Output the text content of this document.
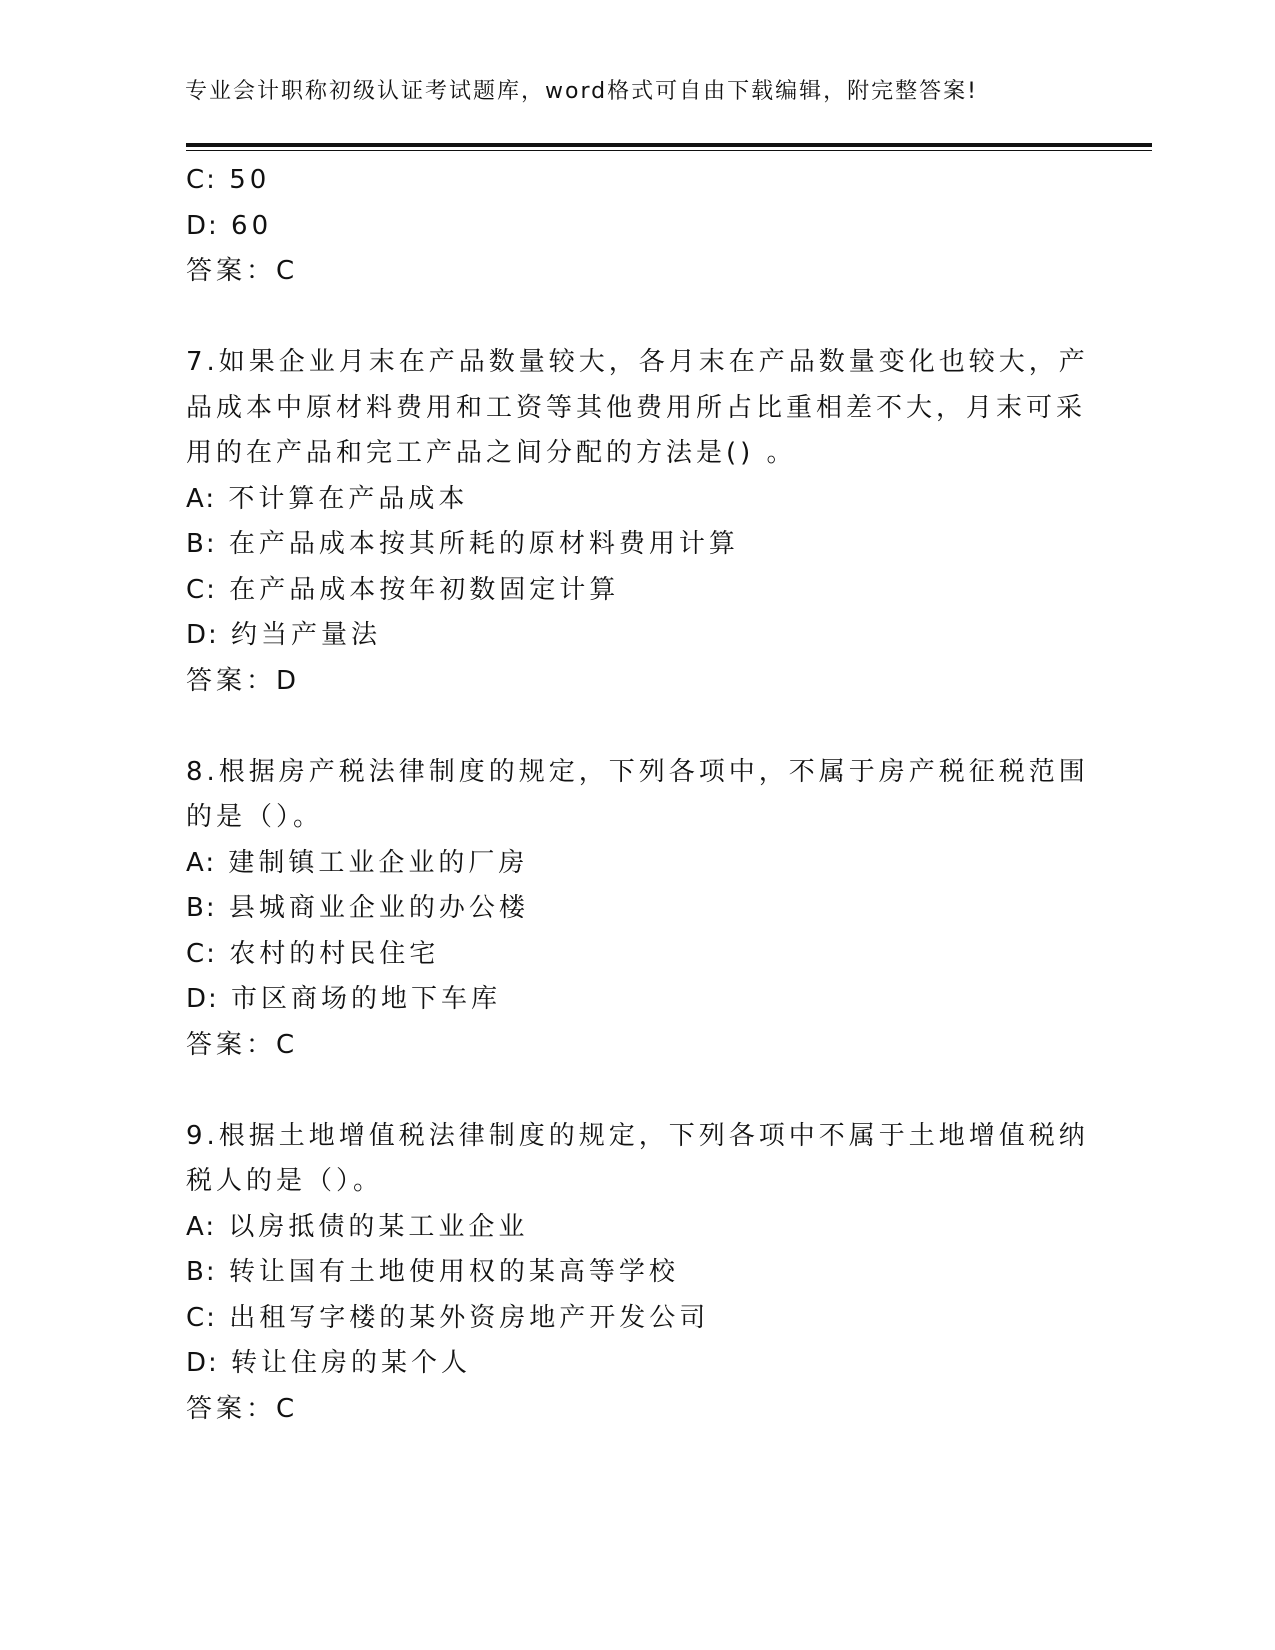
专业会计职称初级认证考试题库，word格式可自由下载编辑，附完整答案!
C: 50
D: 60
答案：C
7.如果企业月末在产品数量较大，各月末在产品数量变化也较大，产
品成本中原材料费用和工资等其他费用所占比重相差不大，月末可采
用的在产品和完工产品之间分配的方法是() 。
A: 不计算在产品成本
B: 在产品成本按其所耗的原材料费用计算
C: 在产品成本按年初数固定计算
D: 约当产量法
答案：D
8.根据房产税法律制度的规定，下列各项中，不属于房产税征税范围
的是（）。
A: 建制镇工业企业的厂房
B: 县城商业企业的办公楼
C: 农村的村民住宅
D: 市区商场的地下车库
答案：C
9.根据土地增值税法律制度的规定，下列各项中不属于土地增值税纳
税人的是（）。
A: 以房抵债的某工业企业
B: 转让国有土地使用权的某高等学校
C: 出租写字楼的某外资房地产开发公司
D: 转让住房的某个人
答案：C
